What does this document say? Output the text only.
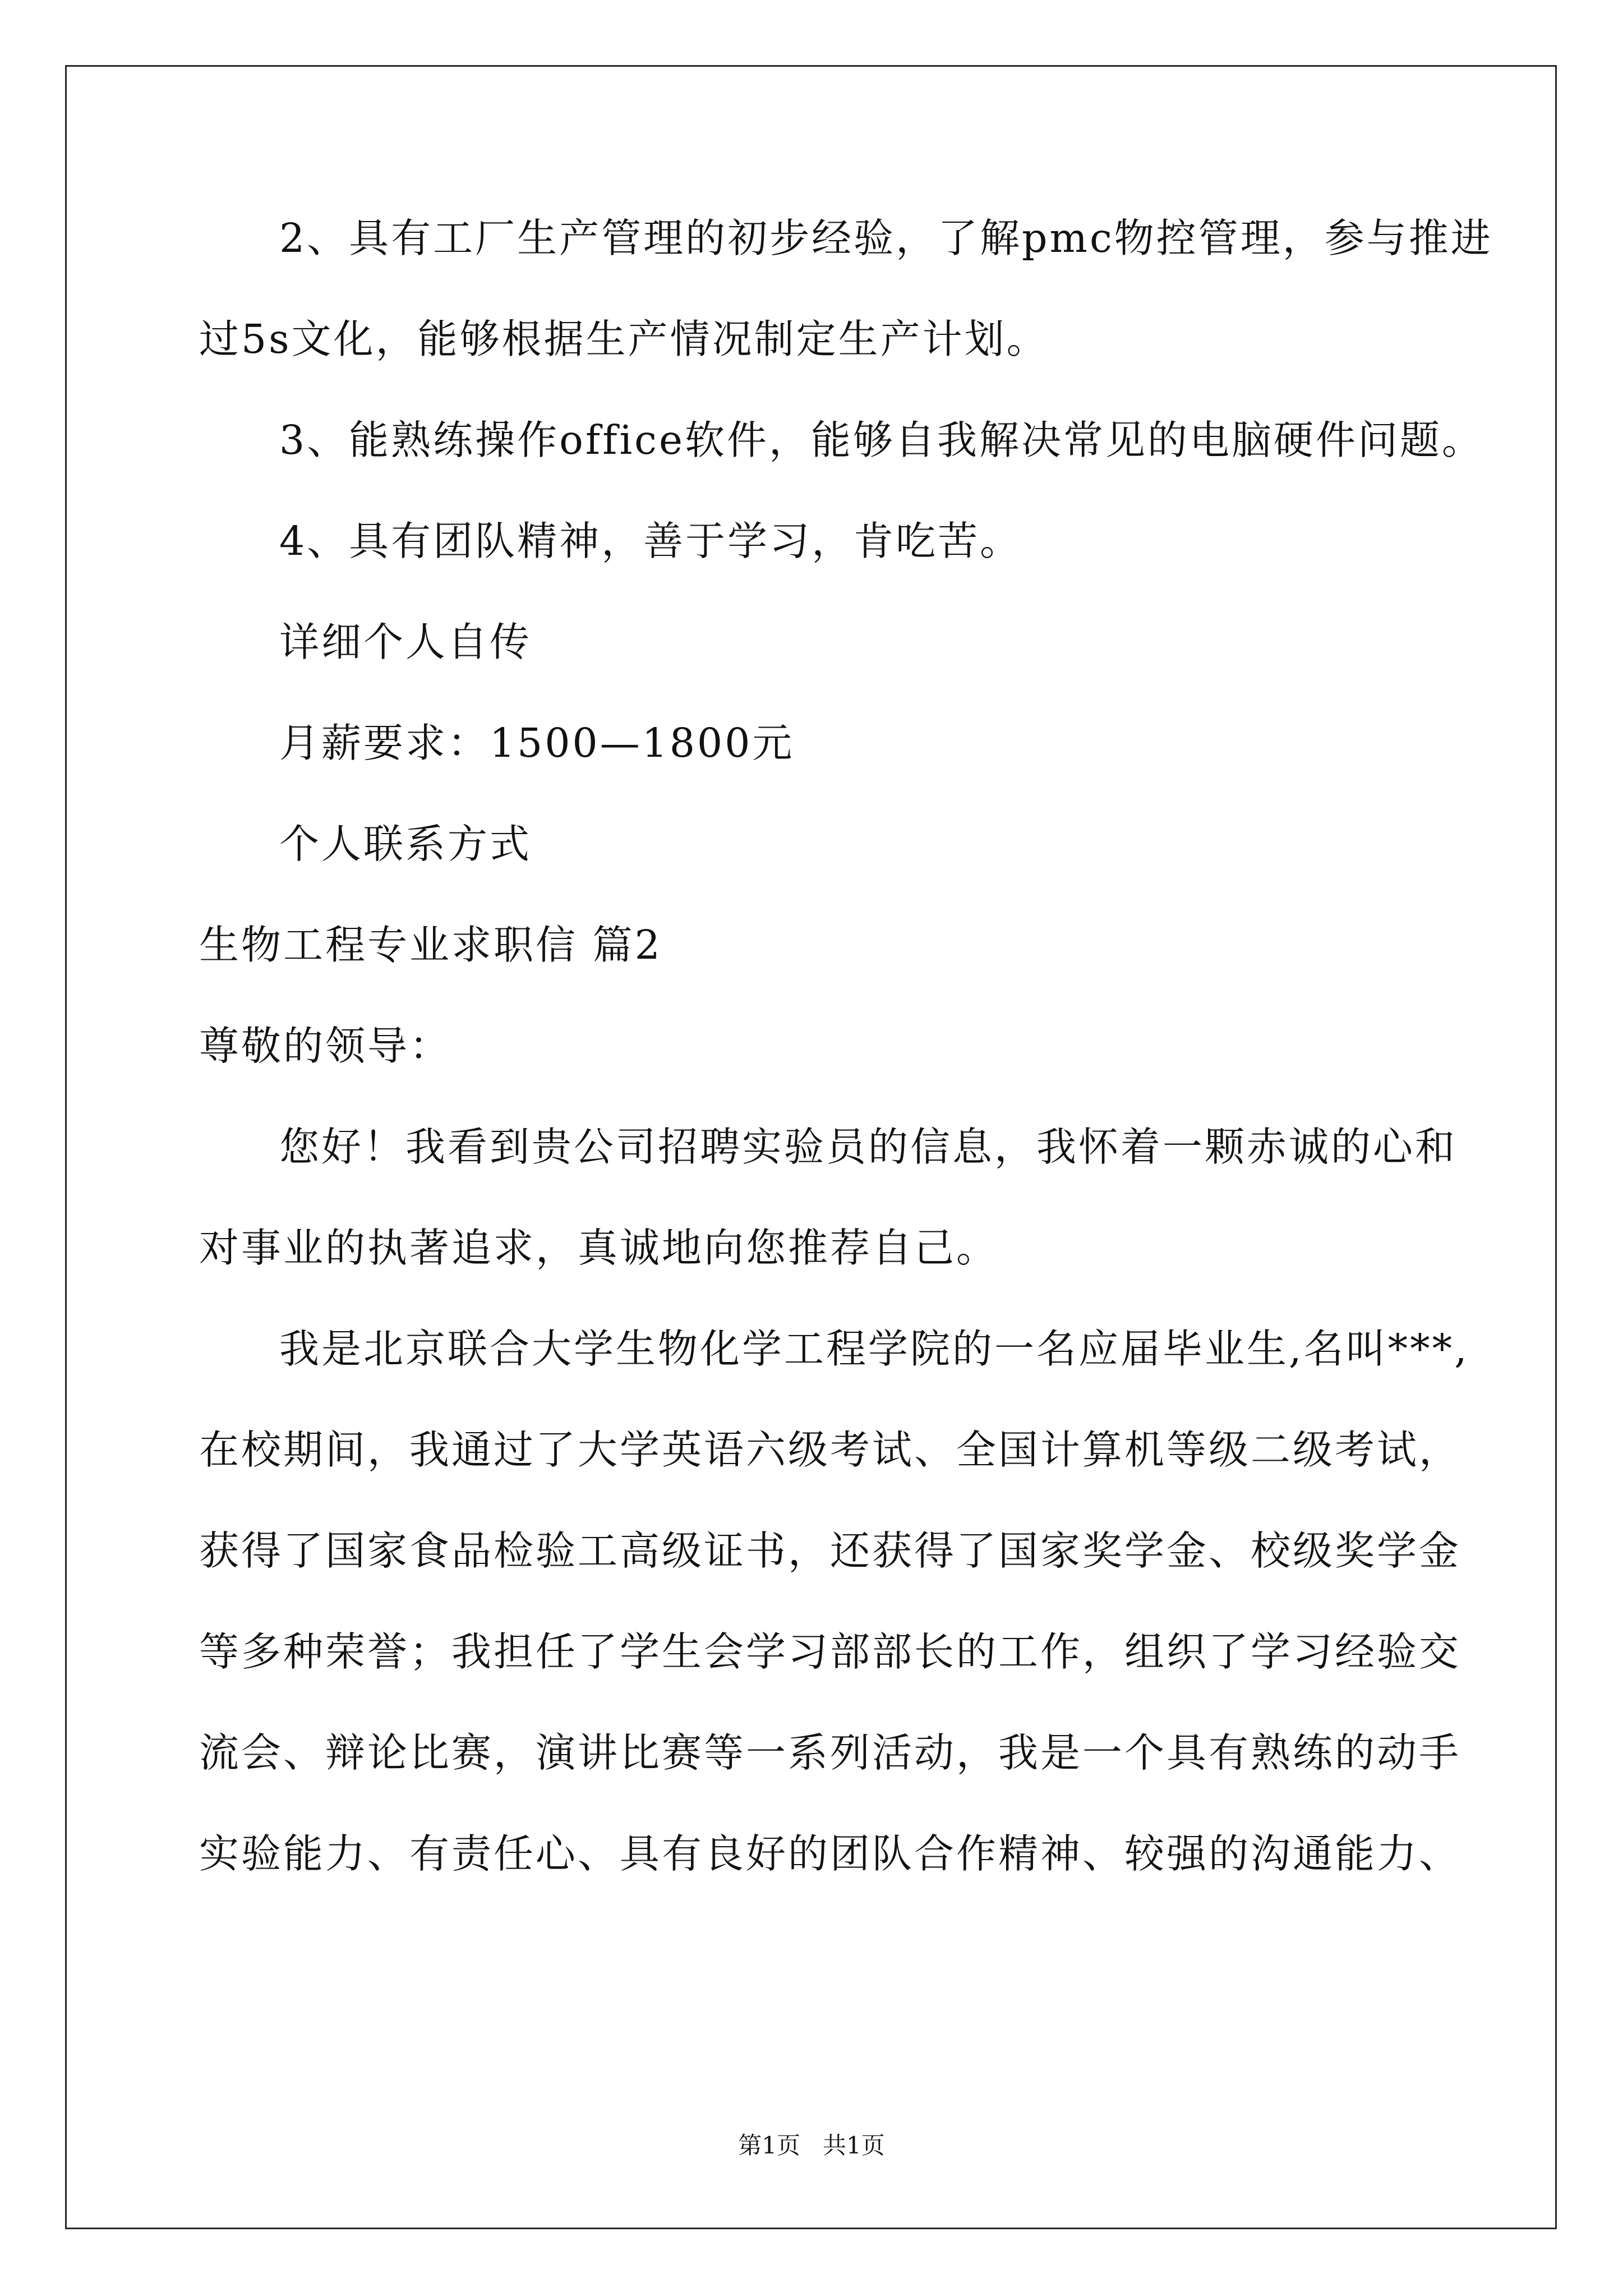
2、具有工厂生产管理的初步经验，了解pmc物控管理，参与推进
过5s文化，能够根据生产情况制定生产计划。
3、能熟练操作office软件，能够自我解决常见的电脑硬件问题。
4、具有团队精神，善于学习，肯吃苦。
详细个人自传
月薪要求：1500—1800元
个人联系方式
生物工程专业求职信 篇2
尊敬的领导：
您好！我看到贵公司招聘实验员的信息，我怀着一颗赤诚的心和
对事业的执著追求，真诚地向您推荐自己。
我是北京联合大学生物化学工程学院的一名应届毕业生,名叫***,
在校期间，我通过了大学英语六级考试、全国计算机等级二级考试，
获得了国家食品检验工高级证书，还获得了国家奖学金、校级奖学金
等多种荣誉；我担任了学生会学习部部长的工作，组织了学习经验交
流会、辩论比赛，演讲比赛等一系列活动，我是一个具有熟练的动手
实验能力、有责任心、具有良好的团队合作精神、较强的沟通能力、
第1页   共1页
